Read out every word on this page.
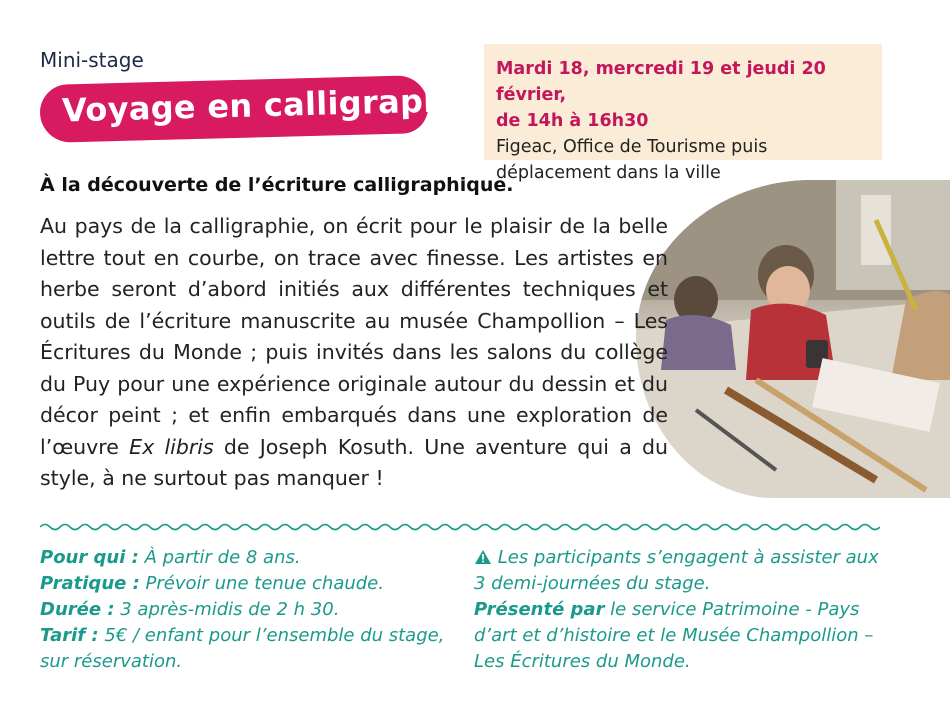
Mini-stage
Voyage en calligraphie
Mardi 18, mercredi 19 et jeudi 20 février,
de 14h à 16h30
Figeac, Office de Tourisme puis
déplacement dans la ville
À la découverte de l’écriture calligraphique.
Au pays de la calligraphie, on écrit pour le plaisir de la belle lettre tout en courbe, on trace avec finesse. Les artistes en herbe seront d’abord initiés aux différentes techniques et outils de l’écriture manuscrite au musée Champollion – Les Écritures du Monde ; puis invités dans les salons du collège du Puy pour une expérience originale autour du dessin et du décor peint ; et enfin embarqués dans une exploration de l’œuvre Ex libris de Joseph Kosuth. Une aventure qui a du style, à ne surtout pas manquer !
Pour qui : À partir de 8 ans.
Pratique : Prévoir une tenue chaude.
Durée : 3 après-midis de 2 h 30.
Tarif : 5€ / enfant pour l’ensemble du stage, sur réservation.
Les participants s’engagent à assister aux 3 demi-journées du stage.
Présenté par le service Patrimoine - Pays d’art et d’histoire et le Musée Champollion – Les Écritures du Monde.
